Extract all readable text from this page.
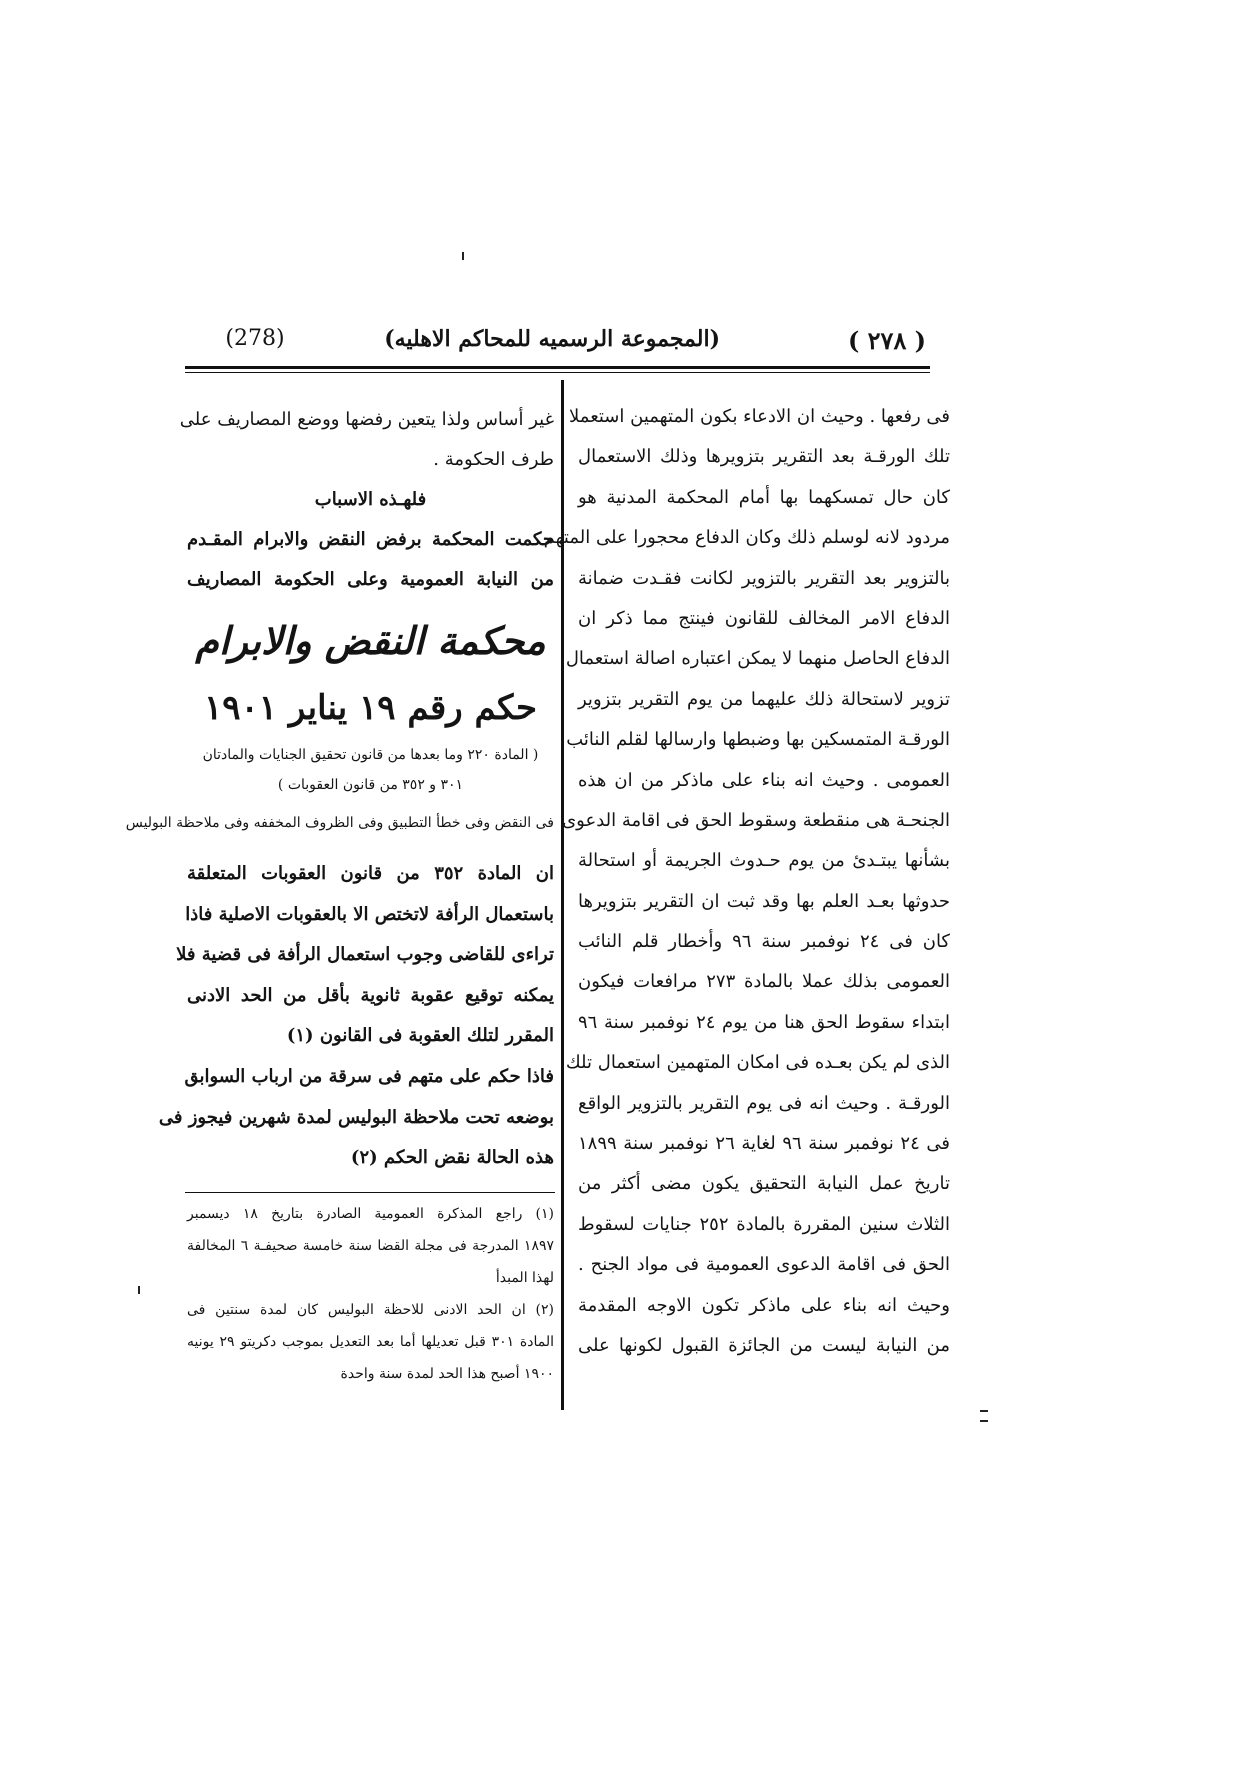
( ٢٧٨ )
(المجموعة الرسميه للمحاكم الاهليه)
(278)
فى رفعها . وحيث ان الادعاء بكون المتهمين استعملا
تلك الورقـة بعد التقرير بتزويرها وذلك الاستعمال
كان حال تمسكهما بها أمام المحكمة المدنية هو
مردود لانه لوسلم ذلك وكان الدفاع محجورا على المتهم
بالتزوير بعد التقرير بالتزوير لكانت فقـدت ضمانة
الدفاع الامر المخالف للقانون فينتج مما ذكر ان
الدفاع الحاصل منهما لا يمكن اعتباره اصالة استعمال
تزوير لاستحالة ذلك عليهما من يوم التقرير بتزوير
الورقـة المتمسكين بها وضبطها وارسالها لقلم النائب
العمومى . وحيث انه بناء على ماذكر من ان هذه
الجنحـة هى منقطعة وسقوط الحق فى اقامة الدعوى
بشأنها يبتـدئ من يوم حـدوث الجريمة أو استحالة
حدوثها بعـد العلم بها وقد ثبت ان التقرير بتزويرها
كان فى ٢٤ نوفمبر سنة ٩٦ وأخطار قلم النائب
العمومى بذلك عملا بالمادة ٢٧٣ مرافعات فيكون
ابتداء سقوط الحق هنا من يوم ٢٤ نوفمبر سنة ٩٦
الذى لم يكن بعـده فى امكان المتهمين استعمال تلك
الورقـة . وحيث انه فى يوم التقرير بالتزوير الواقع
فى ٢٤ نوفمبر سنة ٩٦ لغاية ٢٦ نوفمبر سنة ١٨٩٩
تاريخ عمل النيابة التحقيق يكون مضى أكثر من
الثلاث سنين المقررة بالمادة ٢٥٢ جنايات لسقوط
الحق فى اقامة الدعوى العمومية فى مواد الجنح .
وحيث انه بناء على ماذكر تكون الاوجه المقدمة
من النيابة ليست من الجائزة القبول لكونها على
غير أساس ولذا يتعين رفضها ووضع المصاريف على
طرف الحكومة .
فلهـذه الاسباب
حكمت المحكمة برفض النقض والابرام المقـدم
من النيابة العمومية وعلى الحكومة المصاريف
محكمة النقض والابرام
حكم رقم ١٩ يناير ١٩٠١
( المادة ٢٢٠ وما بعدها من قانون تحقيق الجنايات والمادتان
٣٠١ و ٣٥٢ من قانون العقوبات )
فى النقض وفى خطأ التطبيق وفى الظروف المخففه وفى ملاحظة البوليس
ان المادة ٣٥٢ من قانون العقوبات المتعلقة
باستعمال الرأفة لاتختص الا بالعقوبات الاصلية فاذا
تراءى للقاضى وجوب استعمال الرأفة فى قضية فلا
يمكنه توقيع عقوبة ثانوية بأقل من الحد الادنى
المقرر لتلك العقوبة فى القانون (١)
فاذا حكم على متهم فى سرقة من ارباب السوابق
بوضعه تحت ملاحظة البوليس لمدة شهرين فيجوز فى
هذه الحالة نقض الحكم (٢)
(١) راجع المذكرة العمومية الصادرة بتاريخ ١٨ ديسمبر
١٨٩٧ المدرجة فى مجلة القضا سنة خامسة صحيفـة ٦ المخالفة
لهذا المبدأ
(٢) ان الحد الادنى للاحظة البوليس كان لمدة سنتين فى
المادة ٣٠١ قبل تعديلها أما بعد التعديل بموجب دكريتو ٢٩ يونيه
١٩٠٠ أصبح هذا الحد لمدة سنة واحدة
